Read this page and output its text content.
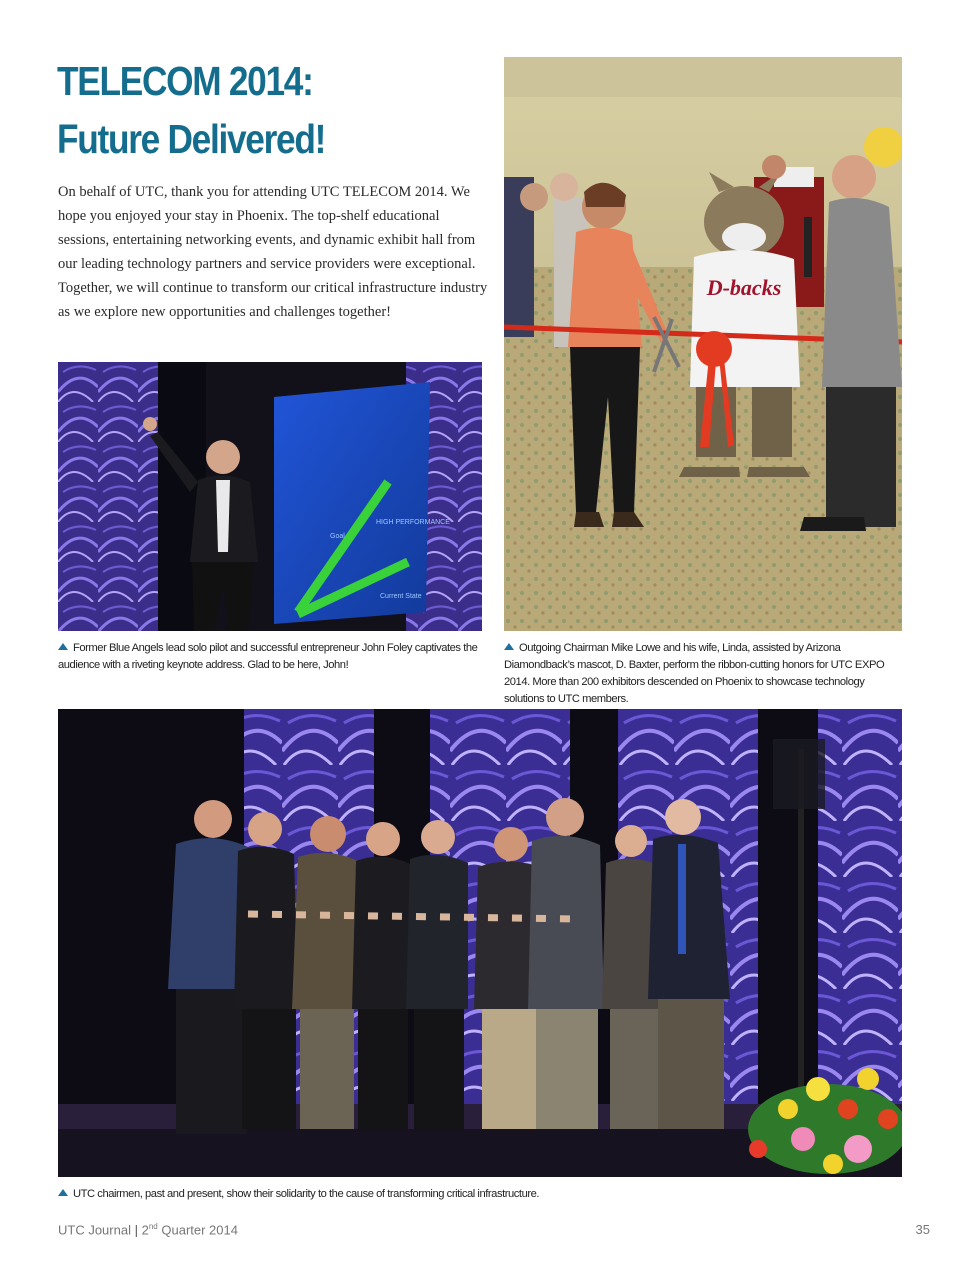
TELECOM 2014:
Future Delivered!

On behalf of UTC, thank you for attending UTC TELECOM 2014. We hope you enjoyed your stay in Phoenix. The top-shelf educational sessions, entertaining networking events, and dynamic exhibit hall from our leading technology partners and service providers were exceptional. Together, we will continue to transform our critical infrastructure industry as we explore new opportunities and challenges together!

D-backs
HIGH PERFORMANCE
Goal
Current State

Former Blue Angels lead solo pilot and successful entrepreneur John Foley captivates the audience with a riveting keynote address. Glad to be here, John!

Outgoing Chairman Mike Lowe and his wife, Linda, assisted by Arizona Diamondback’s mascot, D. Baxter, perform the ribbon-cutting honors for UTC EXPO 2014. More than 200 exhibitors descended on Phoenix to showcase technology solutions to UTC members.

UTC chairmen, past and present, show their solidarity to the cause of transforming critical infrastructure.

UTC Journal | 2nd Quarter 2014	35
